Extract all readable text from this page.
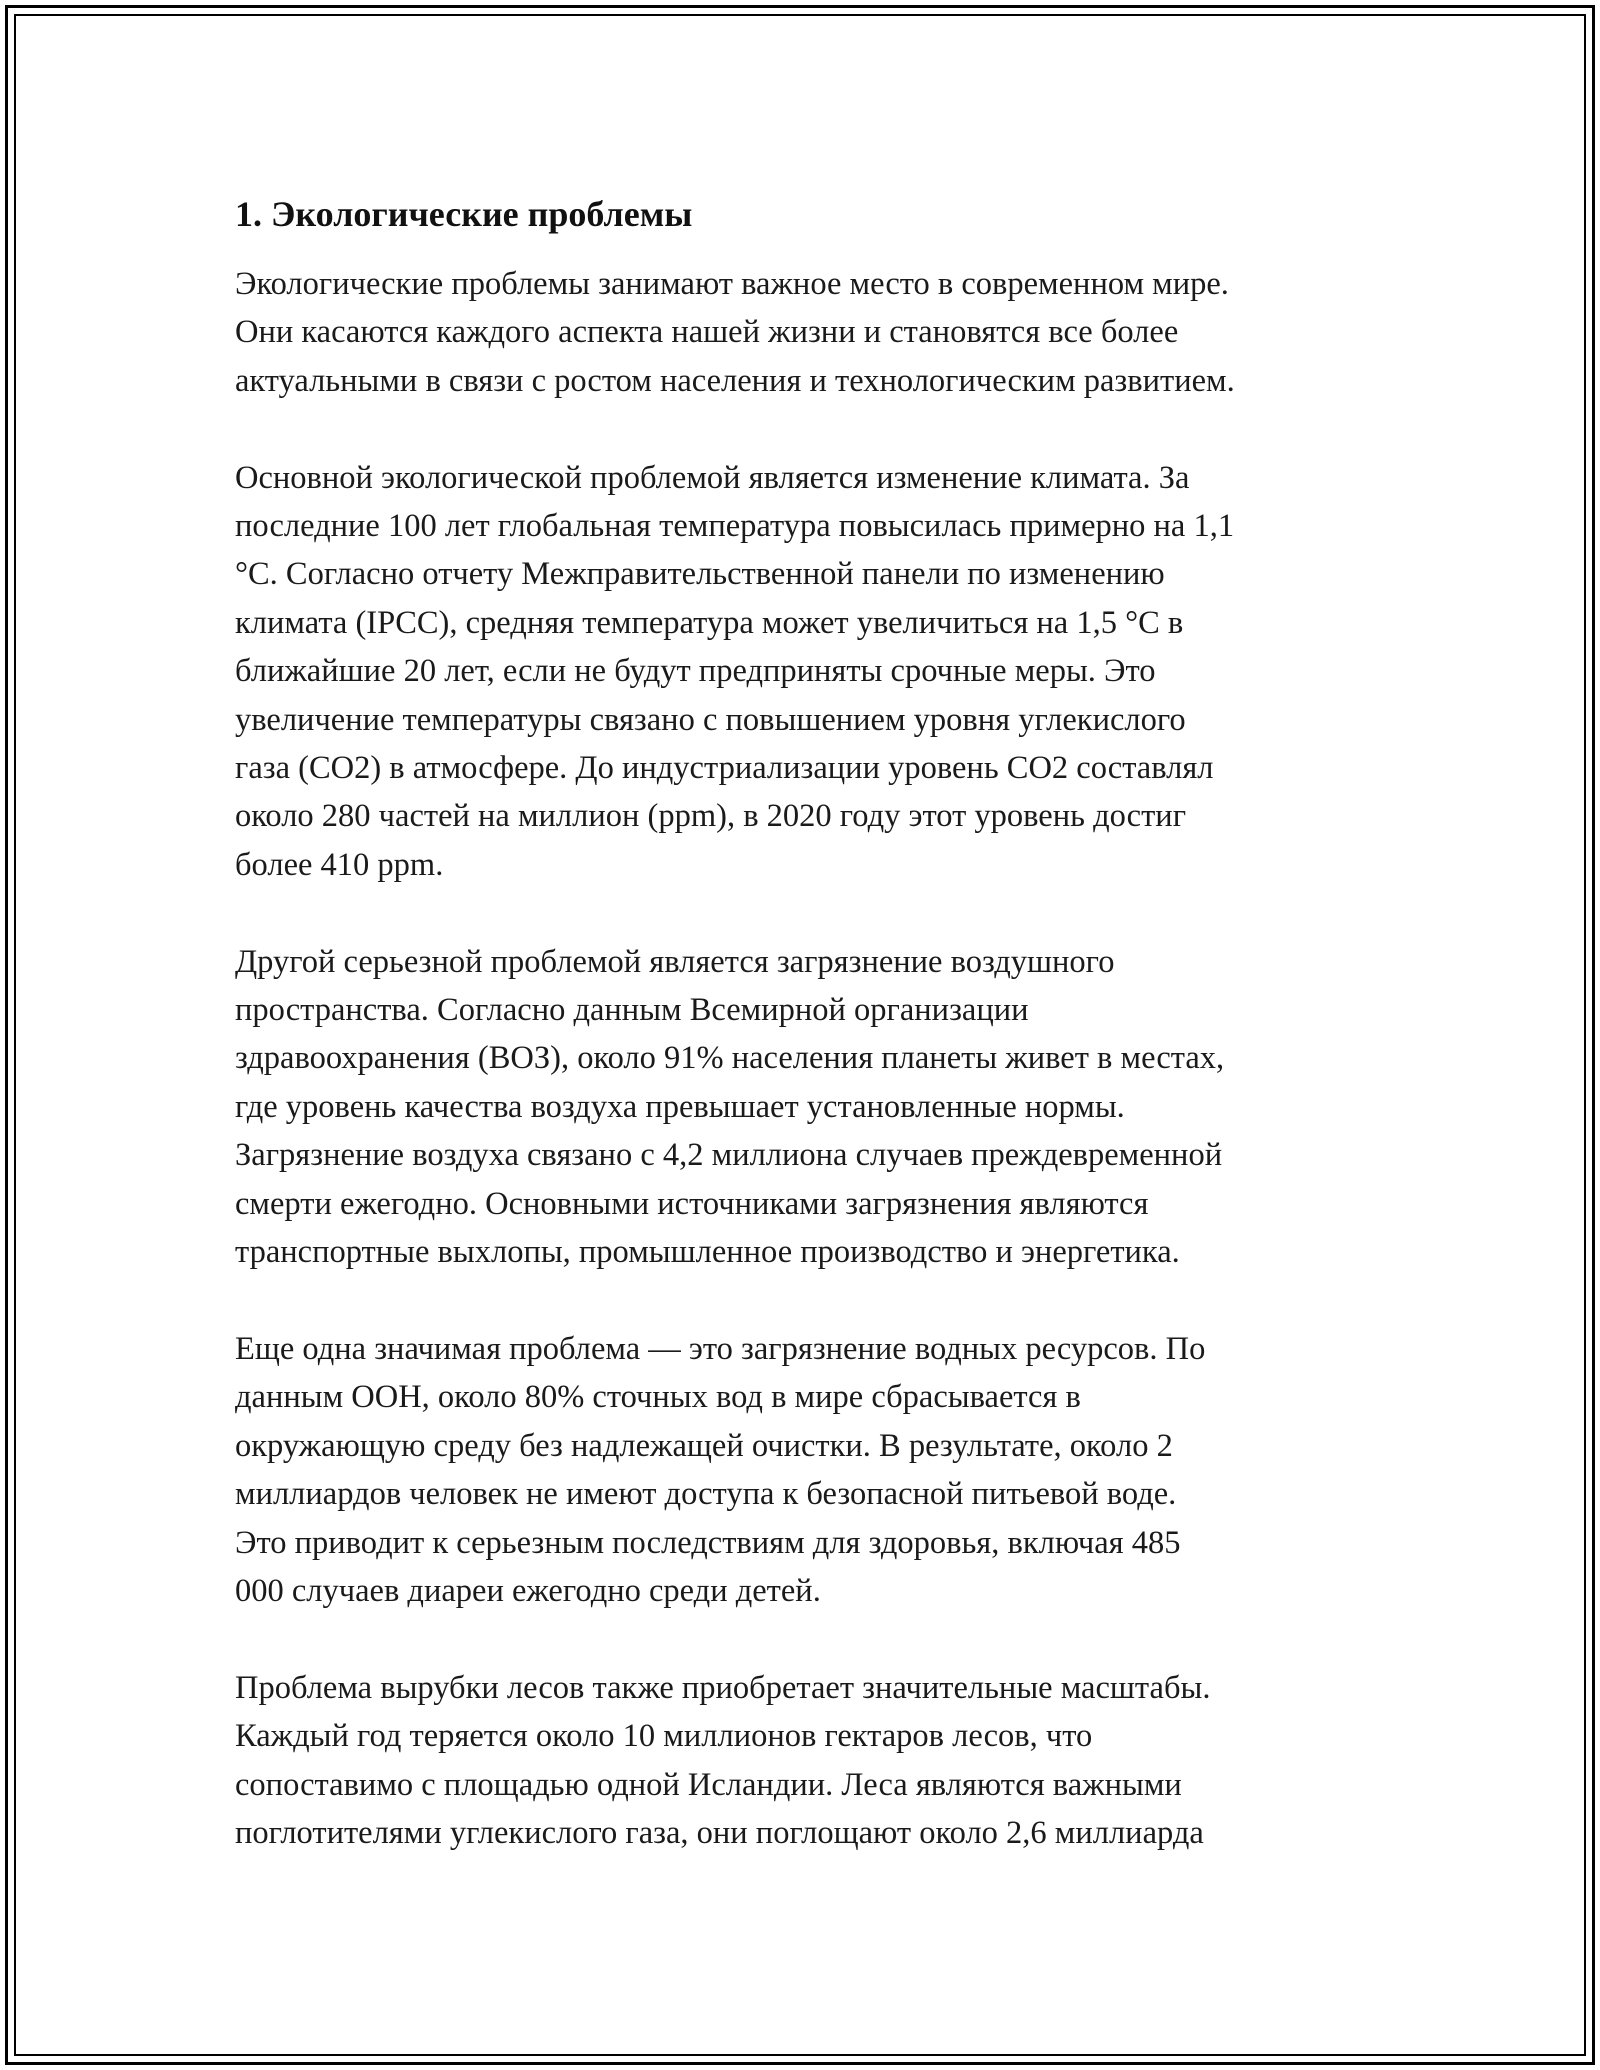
1. Экологические проблемы

Экологические проблемы занимают важное место в современном мире.
Они касаются каждого аспекта нашей жизни и становятся все более
актуальными в связи с ростом населения и технологическим развитием.

Основной экологической проблемой является изменение климата. За
последние 100 лет глобальная температура повысилась примерно на 1,1
°С. Согласно отчету Межправительственной панели по изменению
климата (IPCC), средняя температура может увеличиться на 1,5 °С в
ближайшие 20 лет, если не будут предприняты срочные меры. Это
увеличение температуры связано с повышением уровня углекислого
газа (CO2) в атмосфере. До индустриализации уровень CO2 составлял
около 280 частей на миллион (ppm), в 2020 году этот уровень достиг
более 410 ppm.

Другой серьезной проблемой является загрязнение воздушного
пространства. Согласно данным Всемирной организации
здравоохранения (ВОЗ), около 91% населения планеты живет в местах,
где уровень качества воздуха превышает установленные нормы.
Загрязнение воздуха связано с 4,2 миллиона случаев преждевременной
смерти ежегодно. Основными источниками загрязнения являются
транспортные выхлопы, промышленное производство и энергетика.

Еще одна значимая проблема — это загрязнение водных ресурсов. По
данным ООН, около 80% сточных вод в мире сбрасывается в
окружающую среду без надлежащей очистки. В результате, около 2
миллиардов человек не имеют доступа к безопасной питьевой воде.
Это приводит к серьезным последствиям для здоровья, включая 485
000 случаев диареи ежегодно среди детей.

Проблема вырубки лесов также приобретает значительные масштабы.
Каждый год теряется около 10 миллионов гектаров лесов, что
сопоставимо с площадью одной Исландии. Леса являются важными
поглотителями углекислого газа, они поглощают около 2,6 миллиарда
